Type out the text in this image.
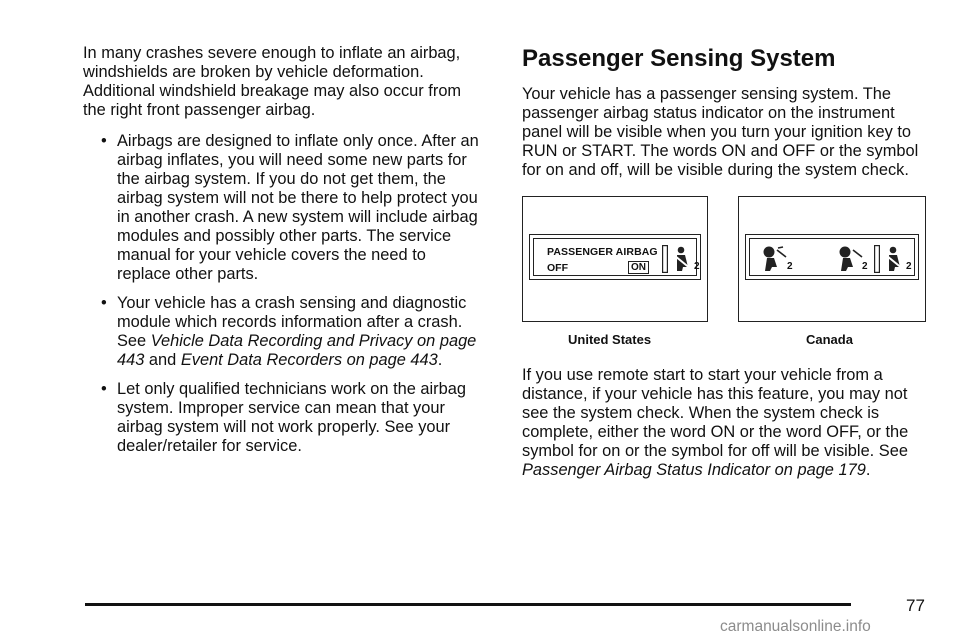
In many crashes severe enough to inflate an airbag, windshields are broken by vehicle deformation. Additional windshield breakage may also occur from the right front passenger airbag.

• Airbags are designed to inflate only once. After an airbag inflates, you will need some new parts for the airbag system. If you do not get them, the airbag system will not be there to help protect you in another crash. A new system will include airbag modules and possibly other parts. The service manual for your vehicle covers the need to replace other parts.
• Your vehicle has a crash sensing and diagnostic module which records information after a crash. See Vehicle Data Recording and Privacy on page 443 and Event Data Recorders on page 443.
• Let only qualified technicians work on the airbag system. Improper service can mean that your airbag system will not work properly. See your dealer/retailer for service.
Passenger Sensing System

Your vehicle has a passenger sensing system. The passenger airbag status indicator on the instrument panel will be visible when you turn your ignition key to RUN or START. The words ON and OFF or the symbol for on and off, will be visible during the system check.

PASSENGER AIRBAG
OFF	ON	2	2	2	2
United States	Canada

If you use remote start to start your vehicle from a distance, if your vehicle has this feature, you may not see the system check. When the system check is complete, either the word ON or the word OFF, or the symbol for on or the symbol for off will be visible. See Passenger Airbag Status Indicator on page 179.

77
carmanualsonline.info
